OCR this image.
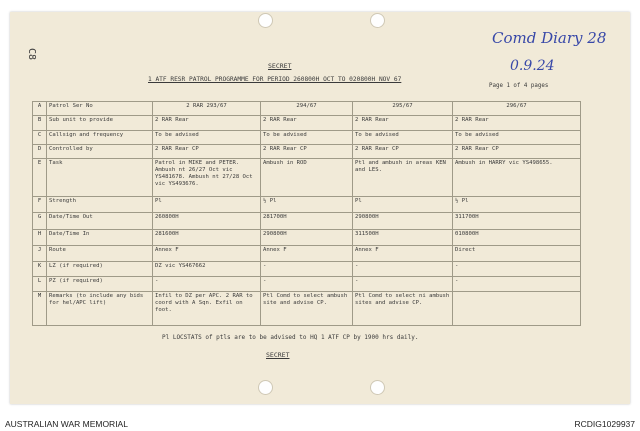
C8
Comd Diary 28
0.9.24
SECRET
1 ATF RESR PATROL PROGRAMME FOR PERIOD 260800H OCT TO 020800H NOV 67
Page 1 of 4 pages
A	Patrol Ser No	2 RAR 293/67	294/67	295/67	296/67
B	Sub unit to provide	2 RAR Rear	2 RAR Rear	2 RAR Rear	2 RAR Rear
C	Callsign and frequency	To be advised	To be advised	To be advised	To be advised
D	Controlled by	2 RAR Rear CP	2 RAR Rear CP	2 RAR Rear CP	2 RAR Rear CP
E	Task	Patrol in MIKE and PETER. Ambush nt 26/27 Oct vic YS481678. Ambush nt 27/28 Oct vic YS493676.	Ambush in ROD	Ptl and ambush in areas KEN and LES.	Ambush in HARRY vic YS498655.
F	Strength	Pl	½ Pl	Pl	½ Pl
G	Date/Time Out	260800H	281700H	290800H	311700H
H	Date/Time In	281600H	290800H	311500H	010800H
J	Route	Annex F	Annex F	Annex F	Direct
K	LZ (if required)	DZ vic YS467662	-	-	-
L	PZ (if required)	-	-	-	-
M	Remarks (to include any bids for hel/APC lift)	Infil to DZ per APC. 2 RAR to coord with A Sqn. Exfil on foot.	Ptl Comd to select ambush site and advise CP.	Ptl Comd to select ni ambush sites and advise CP.	
Pl LOCSTATS of ptls are to be advised to HQ 1 ATF CP by 1900 hrs daily.
SECRET
AUSTRALIAN WAR MEMORIAL	RCDIG1029937
